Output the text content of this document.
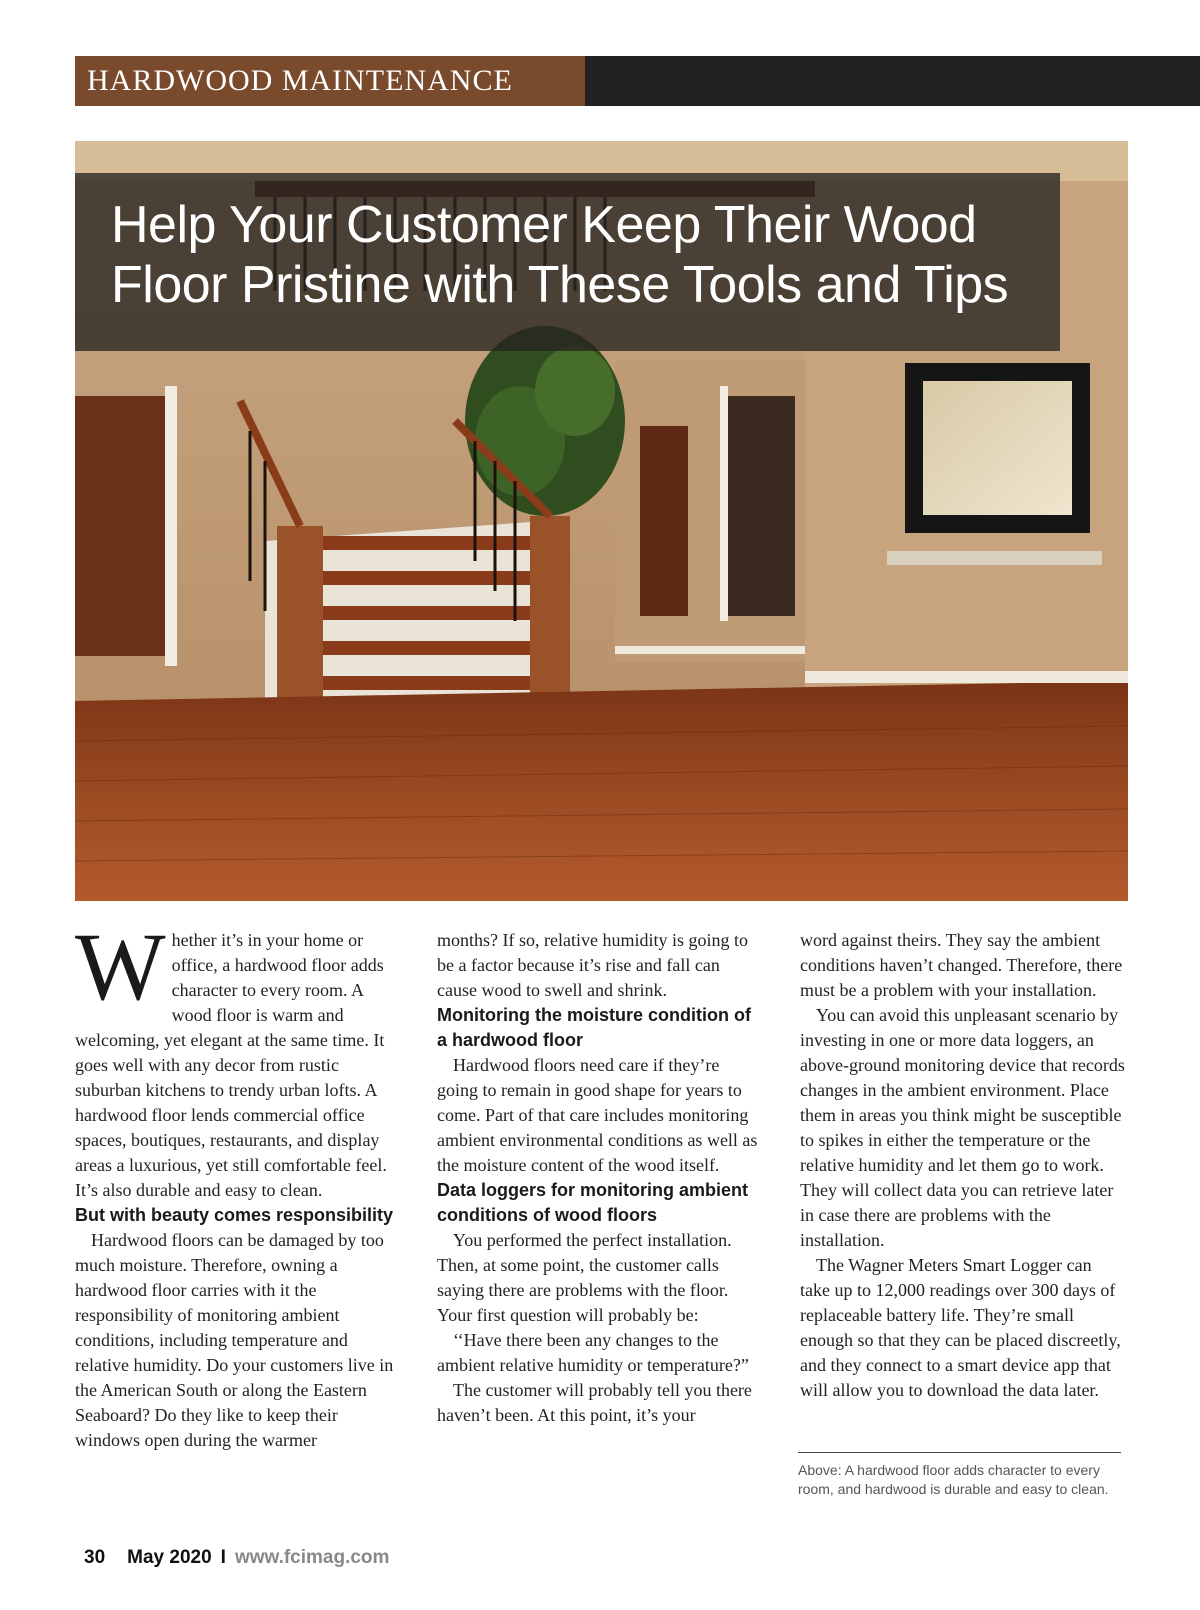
HARDWOOD MAINTENANCE
Help Your Customer Keep Their Wood Floor Pristine with These Tools and Tips

Whether it’s in your home or office, a hardwood floor adds character to every room. A wood floor is warm and welcoming, yet elegant at the same time. It goes well with any decor from rustic suburban kitchens to trendy urban lofts. A hardwood floor lends commercial office spaces, boutiques, restaurants, and display areas a luxurious, yet still comfortable feel. It’s also durable and easy to clean.

But with beauty comes responsibility

Hardwood floors can be damaged by too much moisture. Therefore, owning a hardwood floor carries with it the responsibility of monitoring ambient conditions, including temperature and relative humidity. Do your customers live in the American South or along the Eastern Seaboard? Do they like to keep their windows open during the warmer

months? If so, relative humidity is going to be a factor because it’s rise and fall can cause wood to swell and shrink.

Monitoring the moisture condition of a hardwood floor

Hardwood floors need care if they’re going to remain in good shape for years to come. Part of that care includes monitoring ambient environmental conditions as well as the moisture content of the wood itself.

Data loggers for monitoring ambient conditions of wood floors

You performed the perfect installation. Then, at some point, the customer calls saying there are problems with the floor. Your first question will probably be:

‘‘Have there been any changes to the ambient relative humidity or temperature?”

The customer will probably tell you there haven’t been. At this point, it’s your

word against theirs. They say the ambient conditions haven’t changed. Therefore, there must be a problem with your installation.

You can avoid this unpleasant scenario by investing in one or more data loggers, an above-ground monitoring device that records changes in the ambient environment. Place them in areas you think might be susceptible to spikes in either the temperature or the relative humidity and let them go to work. They will collect data you can retrieve later in case there are problems with the installation.

The Wagner Meters Smart Logger can take up to 12,000 readings over 300 days of replaceable battery life. They’re small enough so that they can be placed discreetly, and they connect to a smart device app that will allow you to download the data later.

Above: A hardwood floor adds character to every room, and hardwood is durable and easy to clean.

30 May 2020 I www.fcimag.com
